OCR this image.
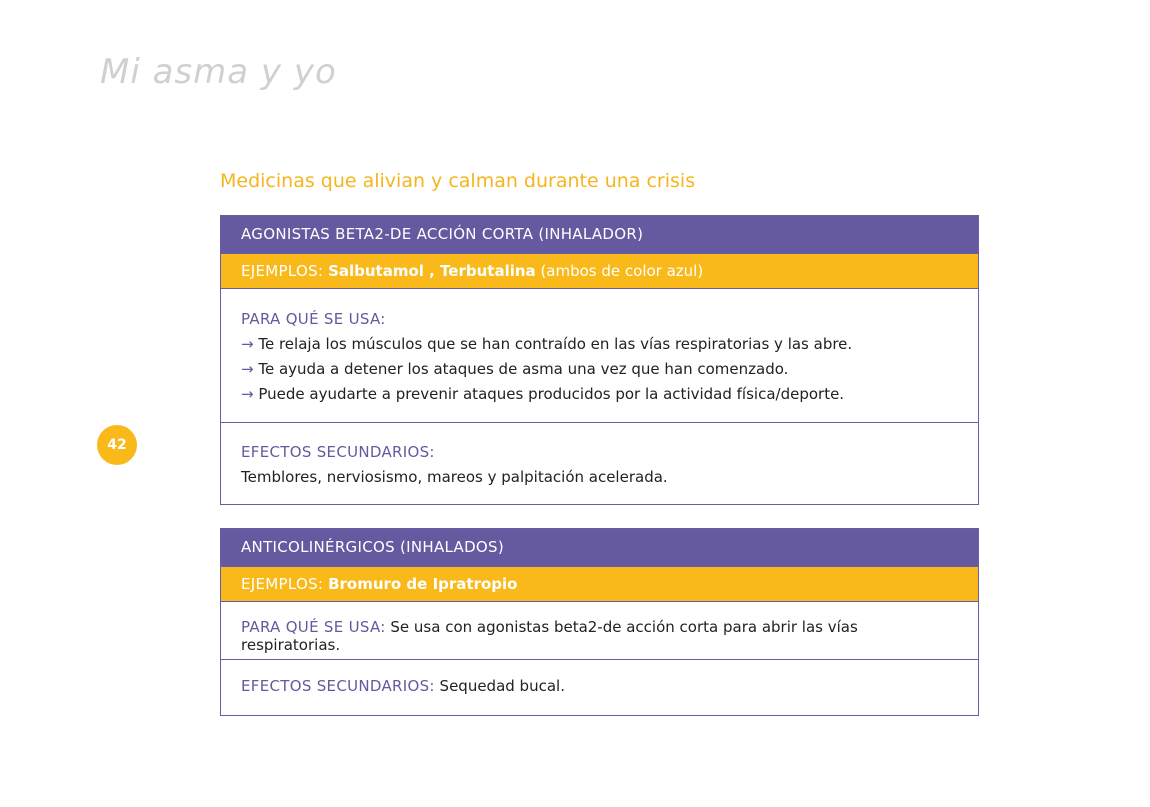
Mi asma y yo
Medicinas que alivian y calman durante una crisis
42
AGONISTAS BETA2-DE ACCIÓN CORTA (INHALADOR)
EJEMPLOS: Salbutamol , Terbutalina (ambos de color azul)
PARA QUÉ SE USA:
→ Te relaja los músculos que se han contraído en las vías respiratorias y las abre.
→ Te ayuda a detener los ataques de asma una vez que han comenzado.
→ Puede ayudarte a prevenir ataques producidos por la actividad física/deporte.
EFECTOS SECUNDARIOS:
Temblores, nerviosismo, mareos y palpitación acelerada.
ANTICOLINÉRGICOS (INHALADOS)
EJEMPLOS: Bromuro de Ipratropio
PARA QUÉ SE USA: Se usa con agonistas beta2-de acción corta para abrir las vías respiratorias.
EFECTOS SECUNDARIOS: Sequedad bucal.
